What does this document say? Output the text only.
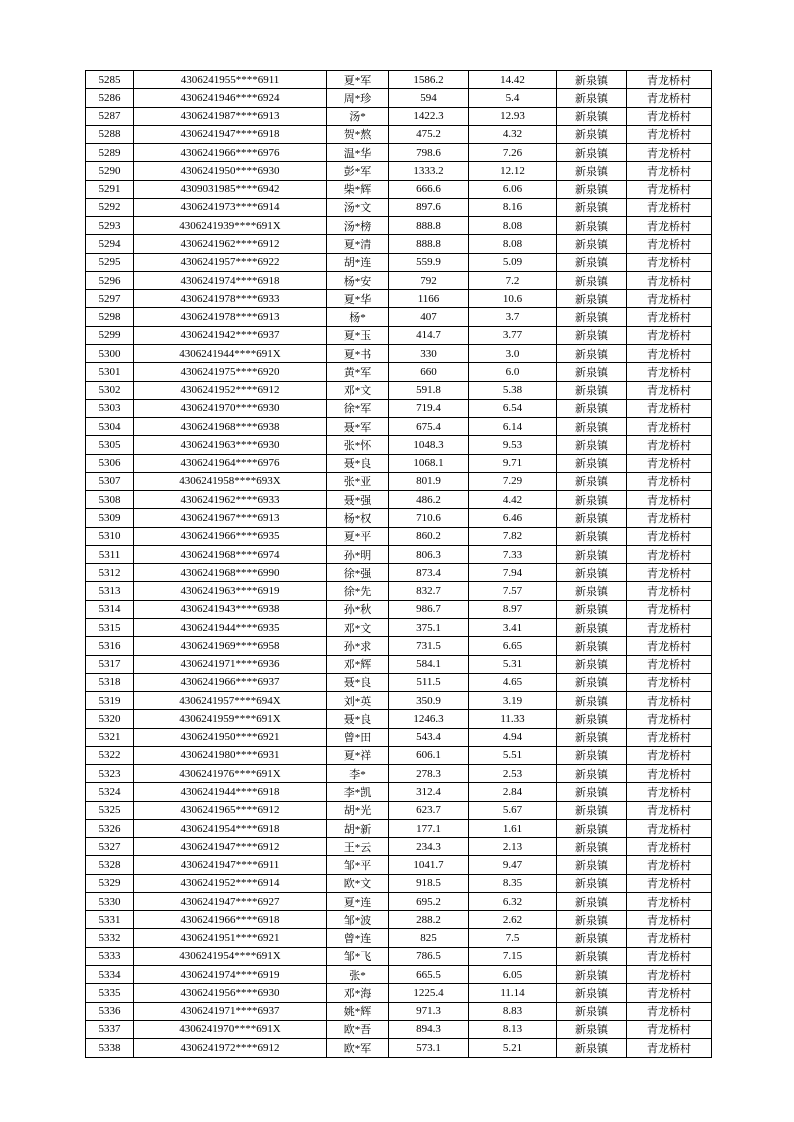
5285	4306241955****6911	夏*军	1586.2	14.42	新泉镇	青龙桥村
5286	4306241946****6924	周*珍	594	5.4	新泉镇	青龙桥村
5287	4306241987****6913	汤*	1422.3	12.93	新泉镇	青龙桥村
5288	4306241947****6918	贺*熬	475.2	4.32	新泉镇	青龙桥村
5289	4306241966****6976	温*华	798.6	7.26	新泉镇	青龙桥村
5290	4306241950****6930	彭*军	1333.2	12.12	新泉镇	青龙桥村
5291	4309031985****6942	柴*辉	666.6	6.06	新泉镇	青龙桥村
5292	4306241973****6914	汤*文	897.6	8.16	新泉镇	青龙桥村
5293	4306241939****691X	汤*榜	888.8	8.08	新泉镇	青龙桥村
5294	4306241962****6912	夏*清	888.8	8.08	新泉镇	青龙桥村
5295	4306241957****6922	胡*连	559.9	5.09	新泉镇	青龙桥村
5296	4306241974****6918	杨*安	792	7.2	新泉镇	青龙桥村
5297	4306241978****6933	夏*华	1166	10.6	新泉镇	青龙桥村
5298	4306241978****6913	杨*	407	3.7	新泉镇	青龙桥村
5299	4306241942****6937	夏*玉	414.7	3.77	新泉镇	青龙桥村
5300	4306241944****691X	夏*书	330	3.0	新泉镇	青龙桥村
5301	4306241975****6920	黄*军	660	6.0	新泉镇	青龙桥村
5302	4306241952****6912	邓*文	591.8	5.38	新泉镇	青龙桥村
5303	4306241970****6930	徐*军	719.4	6.54	新泉镇	青龙桥村
5304	4306241968****6938	聂*军	675.4	6.14	新泉镇	青龙桥村
5305	4306241963****6930	张*怀	1048.3	9.53	新泉镇	青龙桥村
5306	4306241964****6976	聂*良	1068.1	9.71	新泉镇	青龙桥村
5307	4306241958****693X	张*亚	801.9	7.29	新泉镇	青龙桥村
5308	4306241962****6933	聂*强	486.2	4.42	新泉镇	青龙桥村
5309	4306241967****6913	杨*权	710.6	6.46	新泉镇	青龙桥村
5310	4306241966****6935	夏*平	860.2	7.82	新泉镇	青龙桥村
5311	4306241968****6974	孙*明	806.3	7.33	新泉镇	青龙桥村
5312	4306241968****6990	徐*强	873.4	7.94	新泉镇	青龙桥村
5313	4306241963****6919	徐*先	832.7	7.57	新泉镇	青龙桥村
5314	4306241943****6938	孙*秋	986.7	8.97	新泉镇	青龙桥村
5315	4306241944****6935	邓*文	375.1	3.41	新泉镇	青龙桥村
5316	4306241969****6958	孙*求	731.5	6.65	新泉镇	青龙桥村
5317	4306241971****6936	邓*辉	584.1	5.31	新泉镇	青龙桥村
5318	4306241966****6937	聂*良	511.5	4.65	新泉镇	青龙桥村
5319	4306241957****694X	刘*英	350.9	3.19	新泉镇	青龙桥村
5320	4306241959****691X	聂*良	1246.3	11.33	新泉镇	青龙桥村
5321	4306241950****6921	曾*田	543.4	4.94	新泉镇	青龙桥村
5322	4306241980****6931	夏*祥	606.1	5.51	新泉镇	青龙桥村
5323	4306241976****691X	李*	278.3	2.53	新泉镇	青龙桥村
5324	4306241944****6918	李*凯	312.4	2.84	新泉镇	青龙桥村
5325	4306241965****6912	胡*光	623.7	5.67	新泉镇	青龙桥村
5326	4306241954****6918	胡*新	177.1	1.61	新泉镇	青龙桥村
5327	4306241947****6912	王*云	234.3	2.13	新泉镇	青龙桥村
5328	4306241947****6911	邹*平	1041.7	9.47	新泉镇	青龙桥村
5329	4306241952****6914	欧*文	918.5	8.35	新泉镇	青龙桥村
5330	4306241947****6927	夏*连	695.2	6.32	新泉镇	青龙桥村
5331	4306241966****6918	邹*波	288.2	2.62	新泉镇	青龙桥村
5332	4306241951****6921	曾*连	825	7.5	新泉镇	青龙桥村
5333	4306241954****691X	邹*飞	786.5	7.15	新泉镇	青龙桥村
5334	4306241974****6919	张*	665.5	6.05	新泉镇	青龙桥村
5335	4306241956****6930	邓*海	1225.4	11.14	新泉镇	青龙桥村
5336	4306241971****6937	姚*辉	971.3	8.83	新泉镇	青龙桥村
5337	4306241970****691X	欧*吾	894.3	8.13	新泉镇	青龙桥村
5338	4306241972****6912	欧*军	573.1	5.21	新泉镇	青龙桥村
